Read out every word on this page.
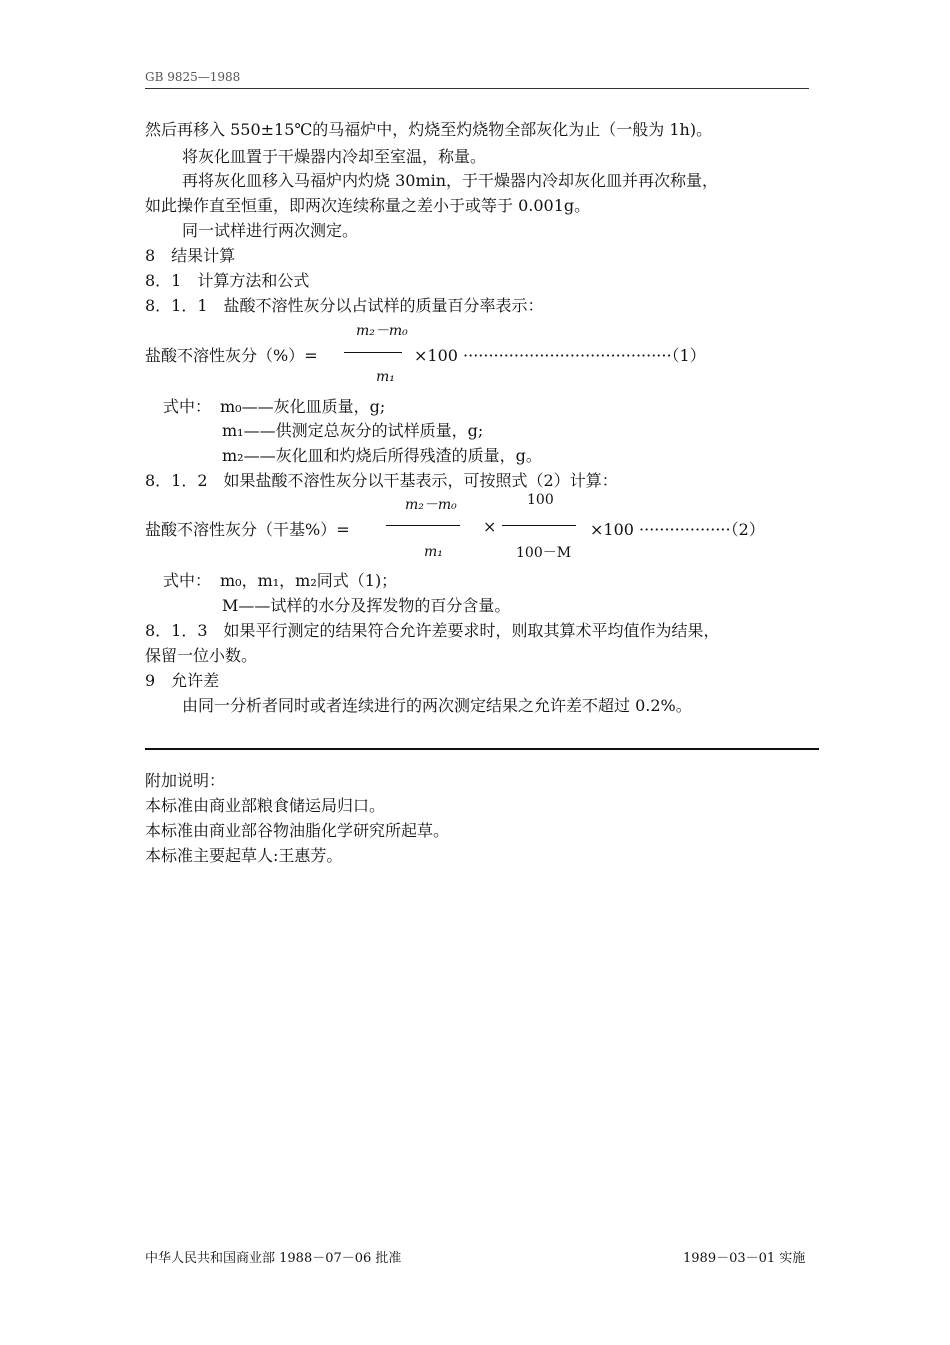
GB 9825—1988
然后再移入 550±15℃的马福炉中，灼烧至灼烧物全部灰化为止（一般为 1h)。
将灰化皿置于干燥器内冷却至室温，称量。
再将灰化皿移入马福炉内灼烧 30min，于干燥器内冷却灰化皿并再次称量，
如此操作直至恒重，即两次连续称量之差小于或等于 0.001g。
同一试样进行两次测定。
8　结果计算
8．1　计算方法和公式
8．1．1　盐酸不溶性灰分以占试样的质量百分率表示：
m₂－m₀
盐酸不溶性灰分（%）=	×100 ·········································（1）
m₁
式中： m₀——灰化皿质量，g;
m₁——供测定总灰分的试样质量，g;
m₂——灰化皿和灼烧后所得残渣的质量，g。
8．1．2　如果盐酸不溶性灰分以干基表示，可按照式（2）计算：
m₂－m₀	100
盐酸不溶性灰分（干基%）=	×	×100 ··················（2）
m₁	100－M
式中： m₀，m₁，m₂同式（1)；
M——试样的水分及挥发物的百分含量。
8．1．3　如果平行测定的结果符合允许差要求时，则取其算术平均值作为结果，
保留一位小数。
9　允许差
由同一分析者同时或者连续进行的两次测定结果之允许差不超过 0.2%。
附加说明：
本标准由商业部粮食储运局归口。
本标准由商业部谷物油脂化学研究所起草。
本标准主要起草人:王惠芳。
中华人民共和国商业部 1988－07－06 批准	1989－03－01 实施
